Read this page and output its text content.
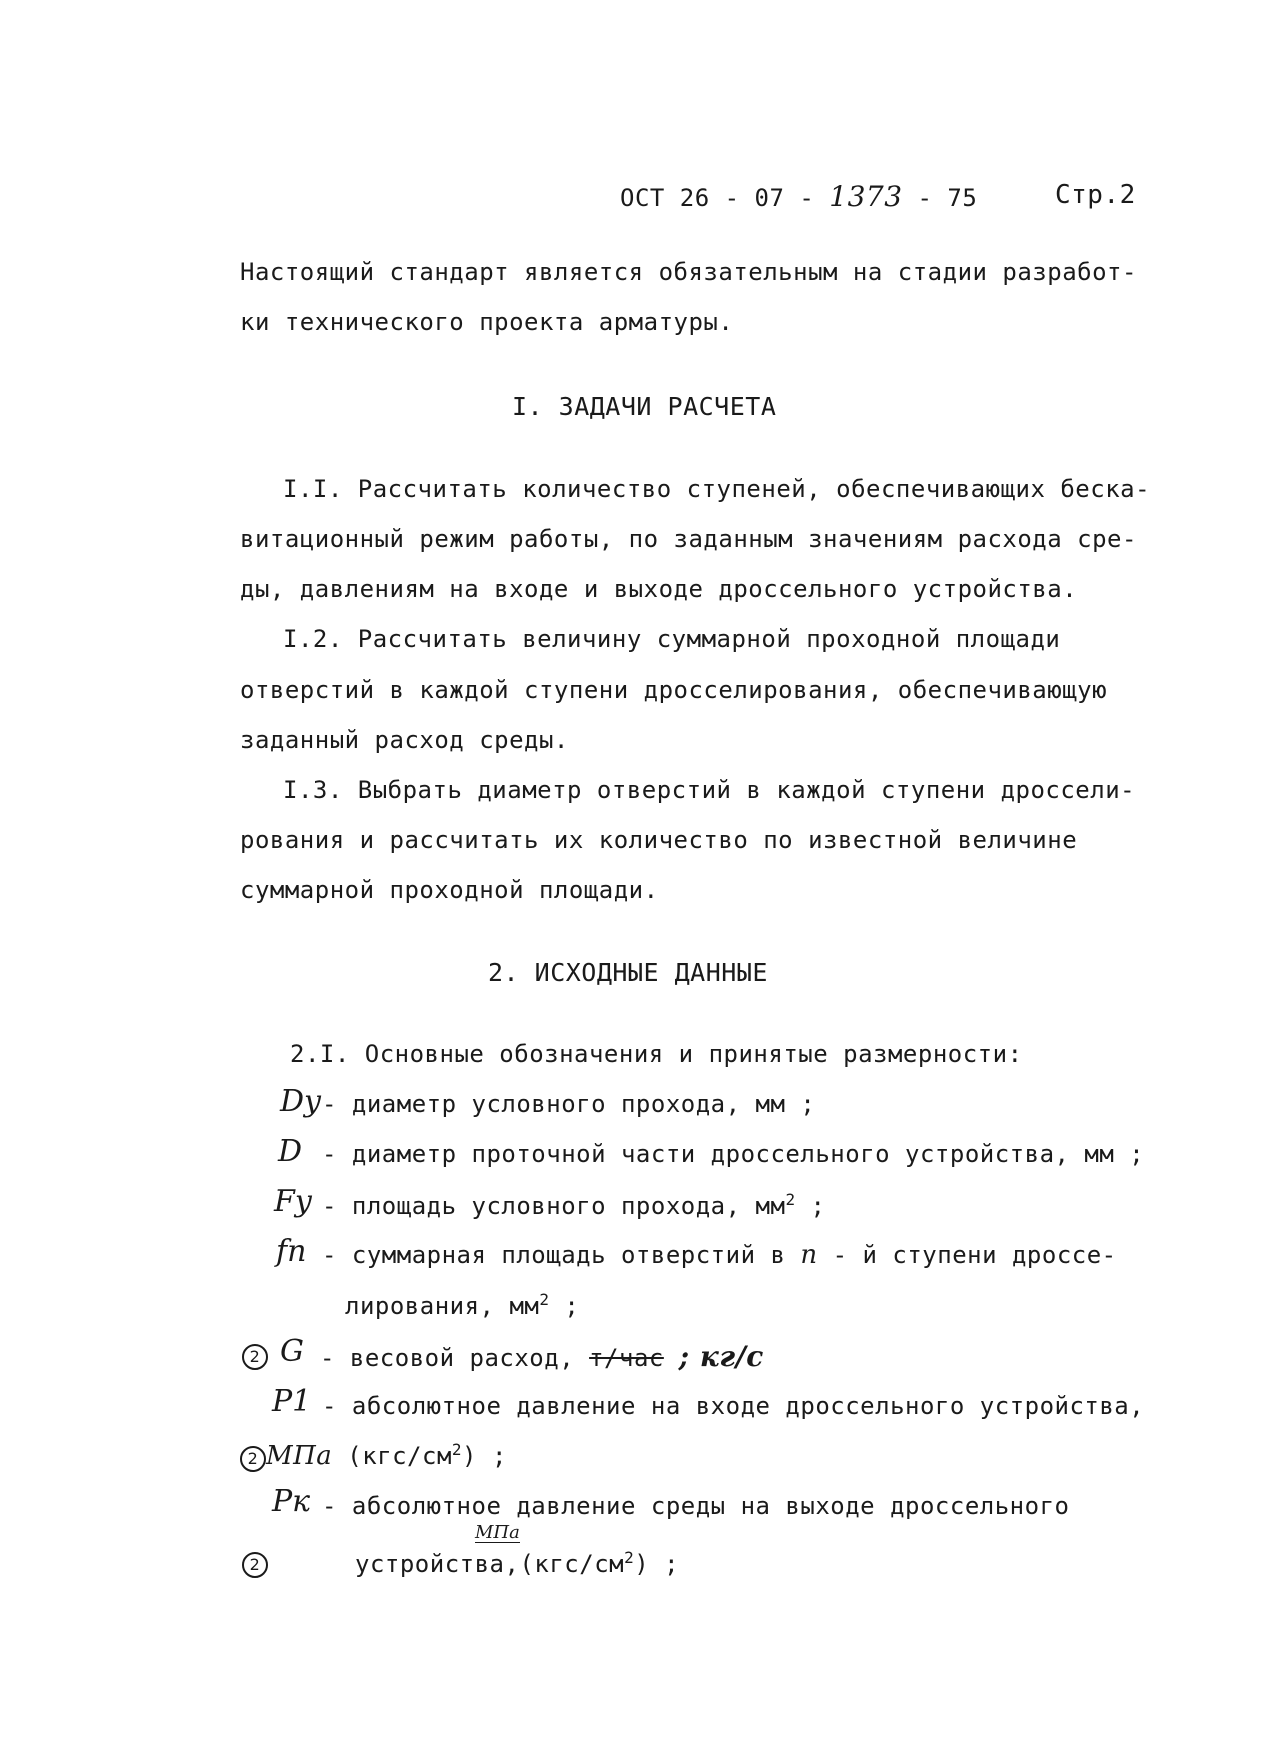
ОСТ 26 - 07 - 1373 - 75	Стр.2
Настоящий стандарт является обязательным на стадии разработ-
ки технического проекта арматуры.
I. ЗАДАЧИ РАСЧЕТА
I.I. Рассчитать количество ступеней, обеспечивающих беска-
витационный режим работы, по заданным значениям расхода сре-
ды, давлениям на входе и выходе дроссельного устройства.
I.2. Рассчитать величину суммарной проходной площади
отверстий в каждой ступени дросселирования, обеспечивающую
заданный расход среды.
I.3. Выбрать диаметр отверстий в каждой ступени дроссели-
рования и рассчитать их количество по известной величине
суммарной проходной площади.
2. ИСХОДНЫЕ ДАННЫЕ
2.I. Основные обозначения и принятые размерности:
Dу - диаметр условного прохода, мм ;
D - диаметр проточной части дроссельного устройства, мм ;
Fу - площадь условного прохода, $мм^2$ ;
fn - суммарная площадь отверстий в n - й ступени дроссе-
лирования, $мм^2$ ;
2 G - весовой расход, т/час ; кг/с
P1 - абсолютное давление на входе дроссельного устройства,
2 МПа $(кгс/см^2)$ ;
Pк - абсолютное давление среды на выходе дроссельного
2
МПа
$устройства,(кгс/см^2)$ ;
